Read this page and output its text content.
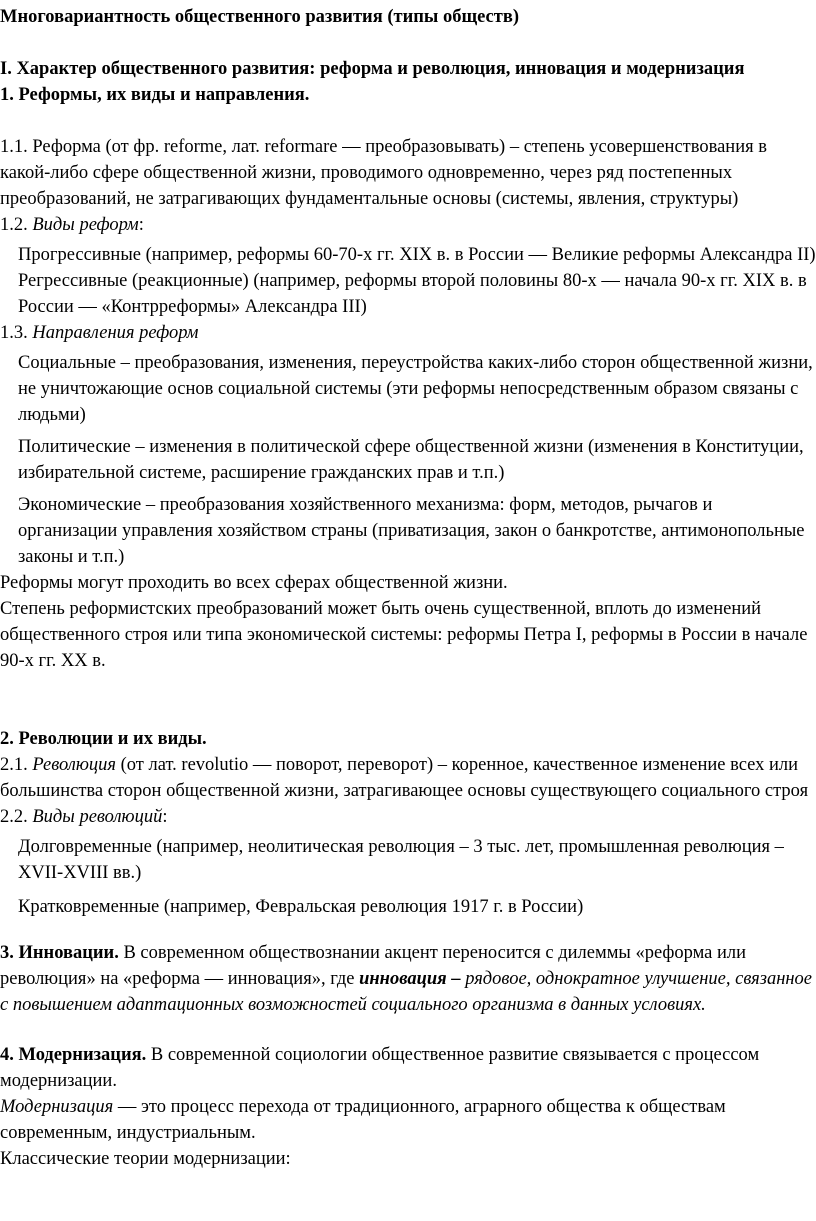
Многовариантность общественного развития (типы обществ)

I. Характер общественного развития: реформа и революция, инновация и модернизация

1. Реформы, их виды и направления.

1.1. Реформа (от фр. reforme, лат. reformare — преобразовывать) – степень усовершенствования в какой-либо сфере общественной жизни, проводимого одновременно, через ряд постепенных преобразований, не затрагивающих фундаментальные основы (системы, явления, структуры)

1.2. Виды реформ:

Прогрессивные (например, реформы 60-70-х гг. XIX в. в России — Великие реформы Александра II)

Регрессивные (реакционные) (например, реформы второй половины 80-х — начала 90-х гг. XIX в. в России — «Контрреформы» Александра III)

1.3. Направления реформ

Социальные – преобразования, изменения, переустройства каких-либо сторон общественной жизни, не уничтожающие основ социальной системы (эти реформы непосредственным образом связаны с людьми)

Политические – изменения в политической сфере общественной жизни (изменения в Конституции, избирательной системе, расширение гражданских прав и т.п.)

Экономические – преобразования хозяйственного механизма: форм, методов, рычагов и организации управления хозяйством страны (приватизация, закон о банкротстве, антимонопольные законы и т.п.)

Реформы могут проходить во всех сферах общественной жизни.

Степень реформистских преобразований может быть очень существенной, вплоть до изменений общественного строя или типа экономической системы: реформы Петра I, реформы в России в начале 90-х гг. XX в.

2. Революции и их виды.

2.1. Революция (от лат. revolutio — поворот, переворот) – коренное, качественное изменение всех или большинства сторон общественной жизни, затрагивающее основы существующего социального строя

2.2. Виды революций:

Долговременные (например, неолитическая революция – 3 тыс. лет, промышленная революция – XVII-XVIII вв.)

Кратковременные (например, Февральская революция 1917 г. в России)

3. Инновации. В современном обществознании акцент переносится с дилеммы «реформа или революция» на «реформа — инновация», где инновация – рядовое, однократное улучшение, связанное с повышением адаптационных возможностей социального организма в данных условиях.

4. Модернизация. В современной социологии общественное развитие связывается с процессом модернизации.

Модернизация — это процесс перехода от традиционного, аграрного общества к обществам современным, индустриальным.

Классические теории модернизации:
